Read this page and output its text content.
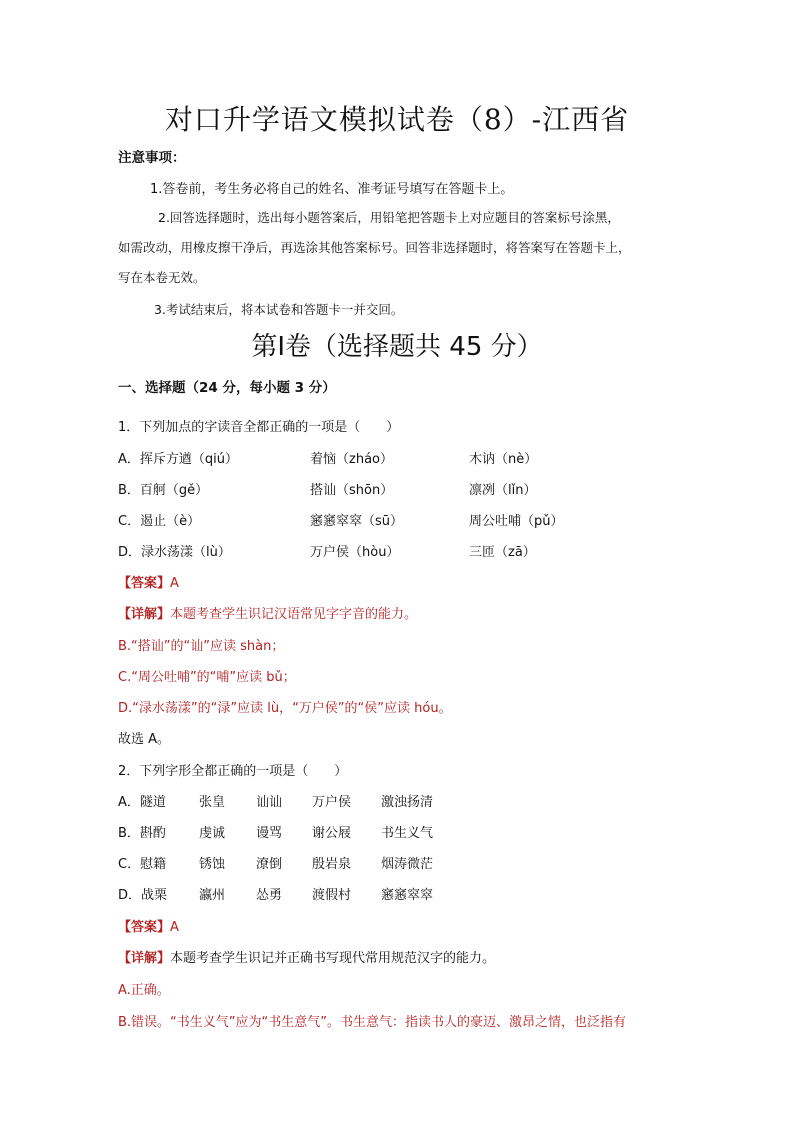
对口升学语文模拟试卷（8）-江西省
注意事项：
1.答卷前，考生务必将自己的姓名、准考证号填写在答题卡上。
2.回答选择题时，选出每小题答案后，用铅笔把答题卡上对应题目的答案标号涂黑，
如需改动，用橡皮擦干净后，再选涂其他答案标号。回答非选择题时，将答案写在答题卡上，
写在本卷无效。
3.考试结束后，将本试卷和答题卡一并交回。
第Ⅰ卷（选择题共 45 分）
一、选择题（24 分，每小题 3 分）
1．下列加点的字读音全都正确的一项是（　　）
A．挥斥方遒（qiú）	着恼（zháo）	木讷（nè）
B．百舸（gě）	搭讪（shōn）	凛冽（lǐn）
C．遏止（è）	窸窸窣窣（sū）	周公吐哺（pǔ）
D．渌水荡漾（lù）	万户侯（hòu）	三匝（zā）
【答案】A
【详解】本题考查学生识记汉语常见字字音的能力。
B.“搭讪”的“讪”应读 shàn；
C.“周公吐哺”的“哺”应读 bǔ；
D.“渌水荡漾”的“渌”应读 lù，“万户侯”的“侯”应读 hóu。
故选 A。
2．下列字形全都正确的一项是（　　）
A．隧道	张皇 讪讪 万户侯 激浊扬清
B．斟酌	虔诚 谩骂 谢公屐 书生义气
C．慰籍	锈蚀 潦倒 殷岩泉 烟涛微茫
D．战栗 瀛州 怂勇 渡假村 窸窸窣窣
【答案】A
【详解】本题考查学生识记并正确书写现代常用规范汉字的能力。
A.正确。
B.错误。“书生义气”应为“书生意气”。书生意气：指读书人的豪迈、激昂之情，也泛指有
